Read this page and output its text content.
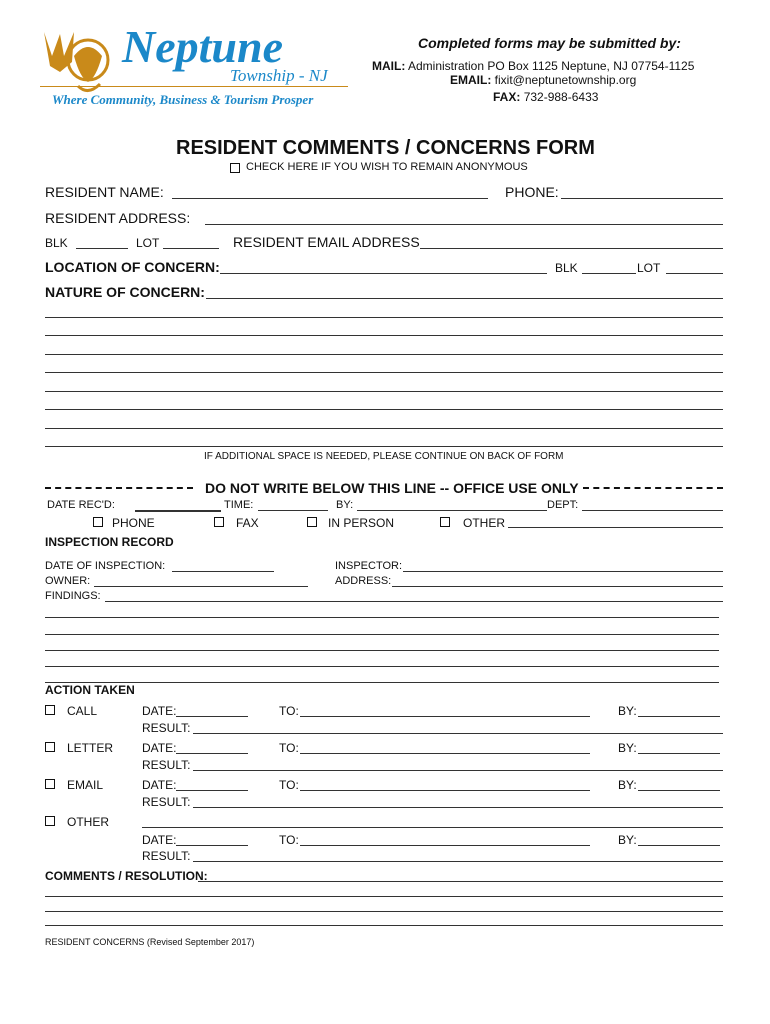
Neptune
Township - NJ
Where Community, Business & Tourism Prosper
Completed forms may be submitted by:
MAIL: Administration PO Box 1125 Neptune, NJ 07754-1125
EMAIL: fixit@neptunetownship.org
FAX: 732-988-6433
RESIDENT COMMENTS / CONCERNS FORM
CHECK HERE IF YOU WISH TO REMAIN ANONYMOUS
RESIDENT NAME:	PHONE:
RESIDENT ADDRESS:
BLK	LOT	RESIDENT EMAIL ADDRESS
LOCATION OF CONCERN:	BLK	LOT
NATURE OF CONCERN:
IF ADDITIONAL SPACE IS NEEDED, PLEASE CONTINUE ON BACK OF FORM
DO NOT WRITE BELOW THIS LINE -- OFFICE USE ONLY
DATE REC'D:	TIME:	BY:	DEPT:
PHONE	FAX	IN PERSON	OTHER
INSPECTION RECORD
DATE OF INSPECTION:	INSPECTOR:
OWNER:	ADDRESS:
FINDINGS:
ACTION TAKEN
CALL	DATE:	TO:	BY:
RESULT:
LETTER DATE:	TO:	BY:
RESULT:
EMAIL	DATE:	TO:	BY:
RESULT:
OTHER
DATE:	TO:	BY:
RESULT:
COMMENTS / RESOLUTION:
RESIDENT CONCERNS (Revised September 2017)
